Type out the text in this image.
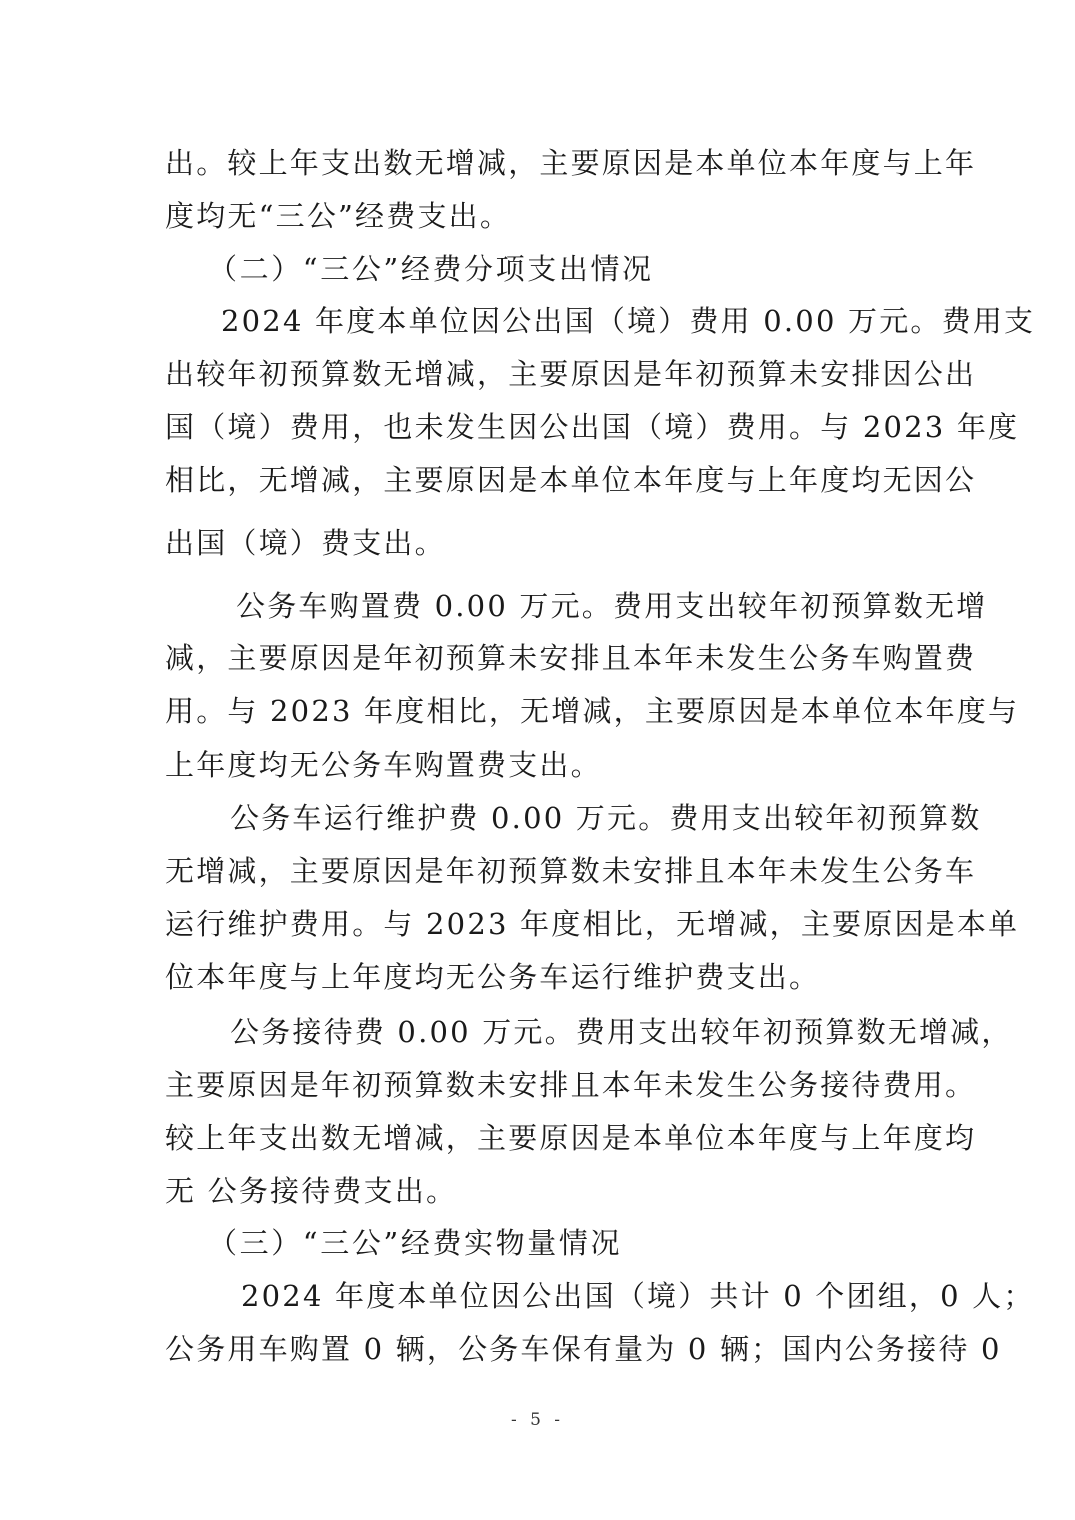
出。较上年支出数无增减，主要原因是本单位本年度与上年
度均无“三公”经费支出。
（二）“三公”经费分项支出情况
2024 年度本单位因公出国（境）费用 0.00 万元。费用支
出较年初预算数无增减，主要原因是年初预算未安排因公出
国（境）费用，也未发生因公出国（境）费用。与 2023 年度
相比，无增减，主要原因是本单位本年度与上年度均无因公
出国（境）费支出。
公务车购置费 0.00 万元。费用支出较年初预算数无增
减，主要原因是年初预算未安排且本年未发生公务车购置费
用。与 2023 年度相比，无增减，主要原因是本单位本年度与
上年度均无公务车购置费支出。
公务车运行维护费 0.00 万元。费用支出较年初预算数
无增减，主要原因是年初预算数未安排且本年未发生公务车
运行维护费用。与 2023 年度相比，无增减，主要原因是本单
位本年度与上年度均无公务车运行维护费支出。
公务接待费 0.00 万元。费用支出较年初预算数无增减，
主要原因是年初预算数未安排且本年未发生公务接待费用。
较上年支出数无增减，主要原因是本单位本年度与上年度均
无 公务接待费支出。
（三）“三公”经费实物量情况
2024 年度本单位因公出国（境）共计 0 个团组，0 人；
公务用车购置 0 辆，公务车保有量为 0 辆；国内公务接待 0
- 5 -
